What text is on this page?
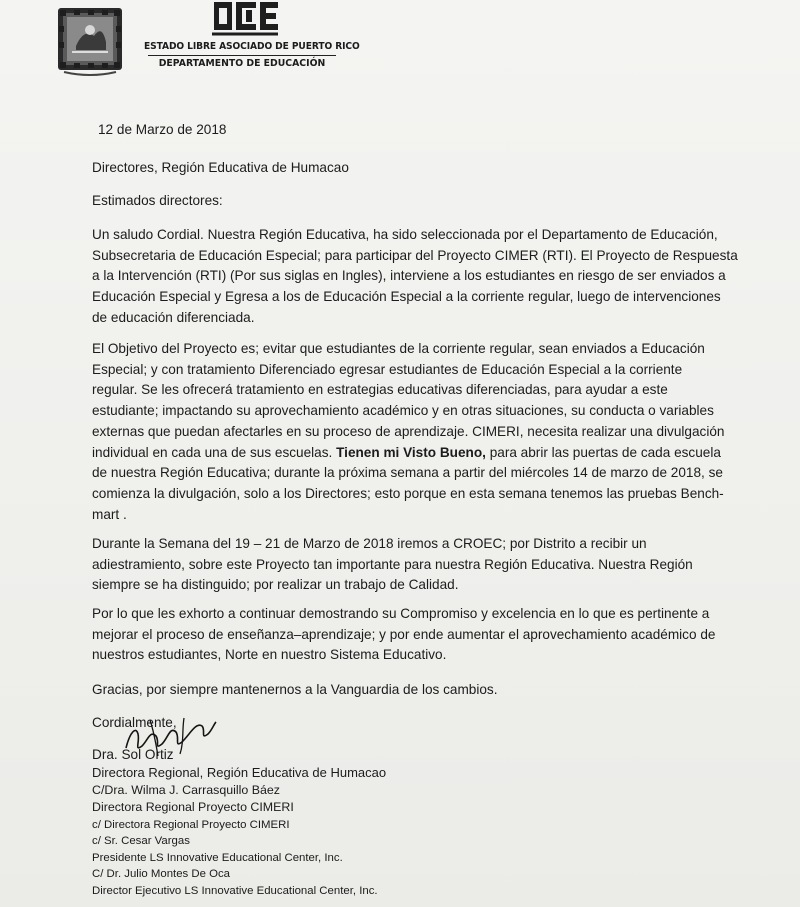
ESTADO LIBRE ASOCIADO DE PUERTO RICO
DEPARTAMENTO DE EDUCACIÓN
12 de Marzo de 2018
Directores, Región Educativa de Humacao
Estimados directores:
Un saludo Cordial. Nuestra Región Educativa, ha sido seleccionada por el Departamento de Educación,
Subsecretaria de Educación Especial; para participar del Proyecto CIMER (RTI). El Proyecto de Respuesta
a la Intervención (RTI) (Por sus siglas en Ingles), interviene a los estudiantes en riesgo de ser enviados a
Educación Especial y Egresa a los de Educación Especial a la corriente regular, luego de intervenciones
de educación diferenciada.
El Objetivo del Proyecto es; evitar que estudiantes de la corriente regular, sean enviados a Educación
Especial; y con tratamiento Diferenciado egresar estudiantes de Educación Especial a la corriente
regular. Se les ofrecerá tratamiento en estrategias educativas diferenciadas, para ayudar a este
estudiante; impactando su aprovechamiento académico y en otras situaciones, su conducta o variables
externas que puedan afectarles en su proceso de aprendizaje. CIMERI, necesita realizar una divulgación
individual en cada una de sus escuelas. Tienen mi Visto Bueno, para abrir las puertas de cada escuela
de nuestra Región Educativa; durante la próxima semana a partir del miércoles 14 de marzo de 2018, se
comienza la divulgación, solo a los Directores; esto porque en esta semana tenemos las pruebas Bench-
mart .
Durante la Semana del 19 – 21 de Marzo de 2018 iremos a CROEC; por Distrito a recibir un
adiestramiento, sobre este Proyecto tan importante para nuestra Región Educativa. Nuestra Región
siempre se ha distinguido; por realizar un trabajo de Calidad.
Por lo que les exhorto a continuar demostrando su Compromiso y excelencia en lo que es pertinente a
mejorar el proceso de enseñanza–aprendizaje; y por ende aumentar el aprovechamiento académico de
nuestros estudiantes, Norte en nuestro Sistema Educativo.
Gracias, por siempre mantenernos a la Vanguardia de los cambios.
Cordialmente,
Dra. Sol Ortiz
Directora Regional, Región Educativa de Humacao
C/Dra. Wilma J. Carrasquillo Báez
Directora Regional Proyecto CIMERI
c/ Directora Regional Proyecto CIMERI
c/ Sr. Cesar Vargas
Presidente LS Innovative Educational Center, Inc.
C/ Dr. Julio Montes De Oca
Director Ejecutivo LS Innovative Educational Center, Inc.
